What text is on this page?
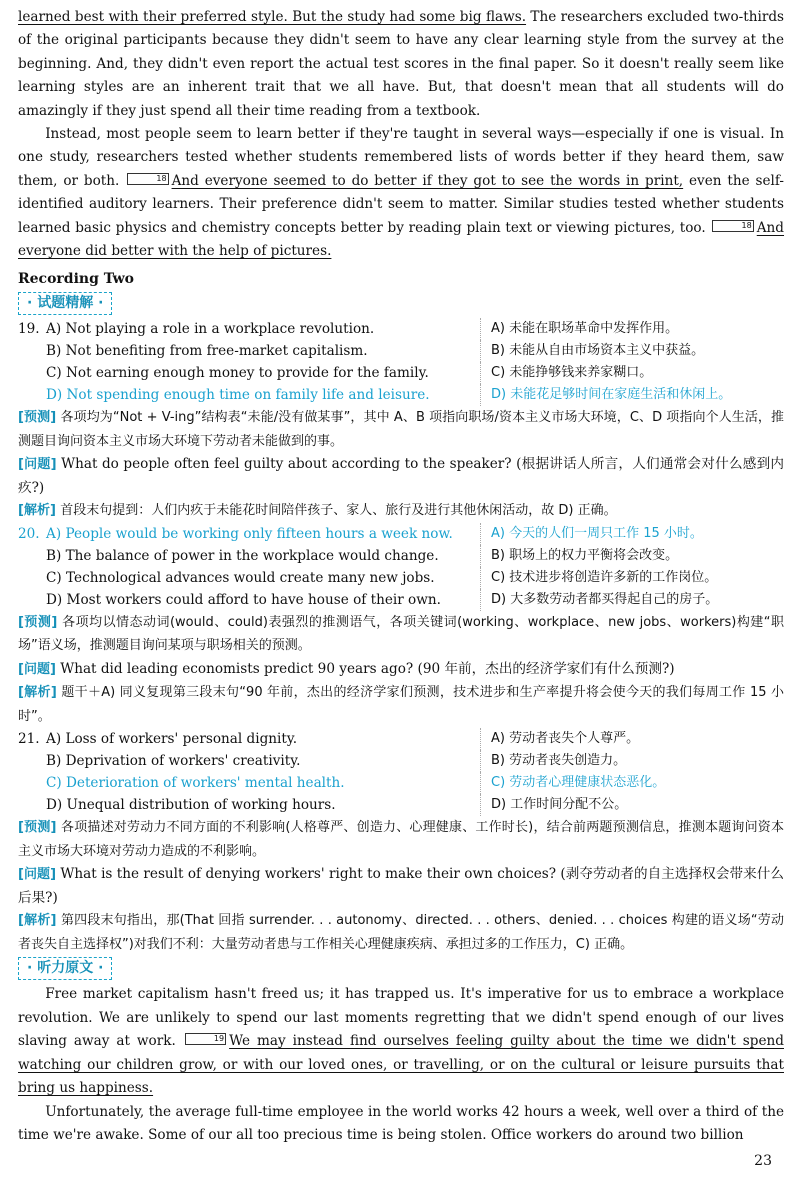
learned best with their preferred style. But the study had some big flaws. The researchers excluded two-thirds of the original participants because they didn't seem to have any clear learning style from the survey at the beginning. And, they didn't even report the actual test scores in the final paper. So it doesn't really seem like learning styles are an inherent trait that we all have. But, that doesn't mean that all students will do amazingly if they just spend all their time reading from a textbook.

Instead, most people seem to learn better if they're taught in several ways—especially if one is visual. In one study, researchers tested whether students remembered lists of words better if they heard them, saw them, or both.	18 And everyone seemed to do better if they got to see the words in print, even the self-identified auditory learners. Their preference didn't seem to matter. Similar studies tested whether students learned basic physics and chemistry concepts better by reading plain text or viewing pictures, too.	18 And everyone did better with the help of pictures.

Recording Two
· 试题精解 ·
19. A) Not playing a role in a workplace revolution.	A) 未能在职场革命中发挥作用。
B) Not benefiting from free-market capitalism.	B) 未能从自由市场资本主义中获益。
C) Not earning enough money to provide for the family.	C) 未能挣够钱来养家糊口。
D) Not spending enough time on family life and leisure.	D) 未能花足够时间在家庭生活和休闲上。

[预测] 各项均为“Not + V-ing”结构表“未能/没有做某事”，其中 A、B 项指向职场/资本主义市场大环境，C、D 项指向个人生活，推测题目询问资本主义市场大环境下劳动者未能做到的事。

[问题] What do people often feel guilty about according to the speaker? (根据讲话人所言，人们通常会对什么感到内疚?)

[解析] 首段末句提到：人们内疚于未能花时间陪伴孩子、家人、旅行及进行其他休闲活动，故 D) 正确。

20. A) People would be working only fifteen hours a week now.	A) 今天的人们一周只工作 15 小时。
B) The balance of power in the workplace would change.	B) 职场上的权力平衡将会改变。
C) Technological advances would create many new jobs.	C) 技术进步将创造许多新的工作岗位。
D) Most workers could afford to have house of their own.	D) 大多数劳动者都买得起自己的房子。

[预测] 各项均以情态动词(would、could)表强烈的推测语气，各项关键词(working、workplace、new jobs、workers)构建“职场”语义场，推测题目询问某项与职场相关的预测。

[问题] What did leading economists predict 90 years ago? (90 年前，杰出的经济学家们有什么预测?)

[解析] 题干＋A) 同义复现第三段末句“90 年前，杰出的经济学家们预测，技术进步和生产率提升将会使今天的我们每周工作 15 小时”。

21. A) Loss of workers' personal dignity.	A) 劳动者丧失个人尊严。
B) Deprivation of workers' creativity.	B) 劳动者丧失创造力。
C) Deterioration of workers' mental health.	C) 劳动者心理健康状态恶化。
D) Unequal distribution of working hours.	D) 工作时间分配不公。

[预测] 各项描述对劳动力不同方面的不利影响(人格尊严、创造力、心理健康、工作时长)，结合前两题预测信息，推测本题询问资本主义市场大环境对劳动力造成的不利影响。

[问题] What is the result of denying workers' right to make their own choices? (剥夺劳动者的自主选择权会带来什么后果?)

[解析] 第四段末句指出，那(That 回指 surrender. . . autonomy、directed. . . others、denied. . . choices 构建的语义场“劳动者丧失自主选择权”)对我们不利：大量劳动者患与工作相关心理健康疾病、承担过多的工作压力，C) 正确。

· 听力原文 ·

Free market capitalism hasn't freed us; it has trapped us. It's imperative for us to embrace a workplace revolution. We are unlikely to spend our last moments regretting that we didn't spend enough of our lives slaving away at work.	19 We may instead find ourselves feeling guilty about the time we didn't spend watching our children grow, or with our loved ones, or travelling, or on the cultural or leisure pursuits that bring us happiness.

Unfortunately, the average full-time employee in the world works 42 hours a week, well over a third of the time we're awake. Some of our all too precious time is being stolen. Office workers do around two billion

23
